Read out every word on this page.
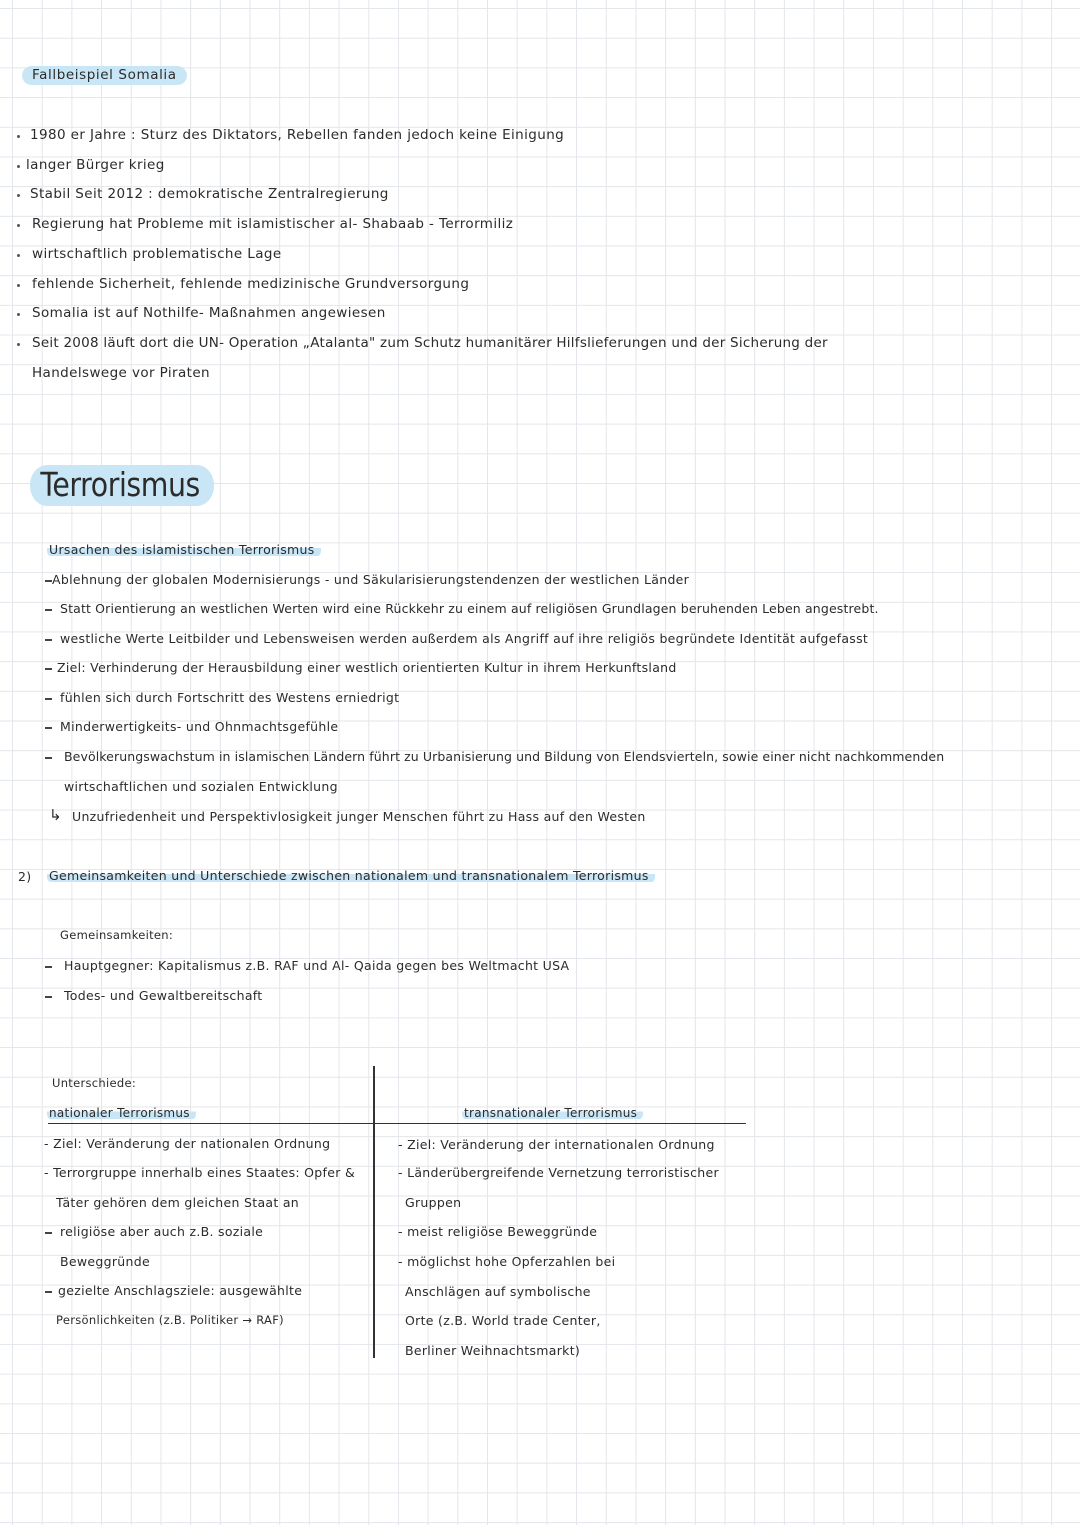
Fallbeispiel Somalia
1980 er Jahre : Sturz des Diktators, Rebellen fanden jedoch keine Einigung
langer Bürger krieg
Stabil Seit 2012 : demokratische Zentralregierung
Regierung hat Probleme mit islamistischer al- Shabaab - Terrormiliz
wirtschaftlich problematische Lage
fehlende Sicherheit, fehlende medizinische Grundversorgung
Somalia ist auf Nothilfe- Maßnahmen angewiesen
Seit 2008 läuft dort die UN- Operation „Atalanta" zum Schutz humanitärer Hilfslieferungen und der Sicherung der
Handelswege vor Piraten
Terrorismus
Ursachen des islamistischen Terrorismus
Ablehnung der globalen Modernisierungs - und Säkularisierungstendenzen der westlichen Länder
Statt Orientierung an westlichen Werten wird eine Rückkehr zu einem auf religiösen Grundlagen beruhenden Leben angestrebt.
westliche Werte Leitbilder und Lebensweisen werden außerdem als Angriff auf ihre religiös begründete Identität aufgefasst
Ziel: Verhinderung der Herausbildung einer westlich orientierten Kultur in ihrem Herkunftsland
fühlen sich durch Fortschritt des Westens erniedrigt
Minderwertigkeits- und Ohnmachtsgefühle
Bevölkerungswachstum in islamischen Ländern führt zu Urbanisierung und Bildung von Elendsvierteln, sowie einer nicht nachkommenden
wirtschaftlichen und sozialen Entwicklung
↳ Unzufriedenheit und Perspektivlosigkeit junger Menschen führt zu Hass auf den Westen
2) Gemeinsamkeiten und Unterschiede zwischen nationalem und transnationalem Terrorismus
Gemeinsamkeiten:
Hauptgegner: Kapitalismus z.B. RAF und Al- Qaida gegen bes Weltmacht USA
Todes- und Gewaltbereitschaft
Unterschiede:
nationaler Terrorismus	transnationaler Terrorismus
- Ziel: Veränderung der nationalen Ordnung
- Terrorgruppe innerhalb eines Staates: Opfer &
Täter gehören dem gleichen Staat an
religiöse aber auch z.B. soziale
Beweggründe
gezielte Anschlagsziele: ausgewählte
Persönlichkeiten (z.B. Politiker → RAF)
- Ziel: Veränderung der internationalen Ordnung
- Länderübergreifende Vernetzung terroristischer
Gruppen
- meist religiöse Beweggründe
- möglichst hohe Opferzahlen bei
Anschlägen auf symbolische
Orte (z.B. World trade Center,
Berliner Weihnachtsmarkt)
